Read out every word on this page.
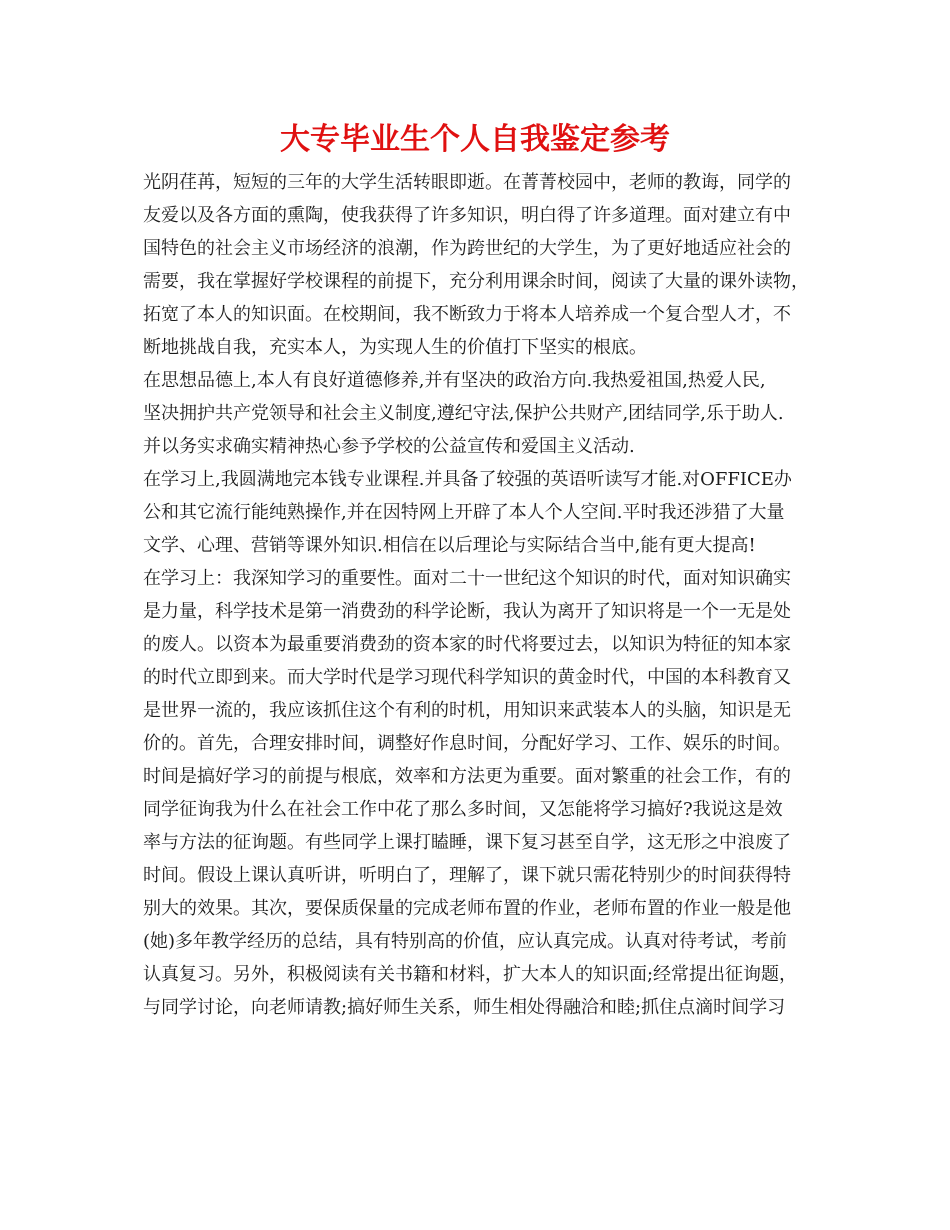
大专毕业生个人自我鉴定参考
光阴荏苒，短短的三年的大学生活转眼即逝。在菁菁校园中，老师的教诲，同学的
友爱以及各方面的熏陶，使我获得了许多知识，明白得了许多道理。面对建立有中
国特色的社会主义市场经济的浪潮，作为跨世纪的大学生，为了更好地适应社会的
需要，我在掌握好学校课程的前提下，充分利用课余时间，阅读了大量的课外读物，
拓宽了本人的知识面。在校期间，我不断致力于将本人培养成一个复合型人才，不
断地挑战自我，充实本人，为实现人生的价值打下坚实的根底。
在思想品德上,本人有良好道德修养,并有坚决的政治方向.我热爱祖国,热爱人民,
坚决拥护共产党领导和社会主义制度,遵纪守法,保护公共财产,团结同学,乐于助人.
并以务实求确实精神热心参予学校的公益宣传和爱国主义活动.
在学习上,我圆满地完本钱专业课程.并具备了较强的英语听读写才能.对OFFICE办
公和其它流行能纯熟操作,并在因特网上开辟了本人个人空间.平时我还涉猎了大量
文学、心理、营销等课外知识.相信在以后理论与实际结合当中,能有更大提高!
在学习上：我深知学习的重要性。面对二十一世纪这个知识的时代，面对知识确实
是力量，科学技术是第一消费劲的科学论断，我认为离开了知识将是一个一无是处
的废人。以资本为最重要消费劲的资本家的时代将要过去，以知识为特征的知本家
的时代立即到来。而大学时代是学习现代科学知识的黄金时代，中国的本科教育又
是世界一流的，我应该抓住这个有利的时机，用知识来武装本人的头脑，知识是无
价的。首先，合理安排时间，调整好作息时间，分配好学习、工作、娱乐的时间。
时间是搞好学习的前提与根底，效率和方法更为重要。面对繁重的社会工作，有的
同学征询我为什么在社会工作中花了那么多时间，又怎能将学习搞好?我说这是效
率与方法的征询题。有些同学上课打瞌睡，课下复习甚至自学，这无形之中浪废了
时间。假设上课认真听讲，听明白了，理解了，课下就只需花特别少的时间获得特
别大的效果。其次，要保质保量的完成老师布置的作业，老师布置的作业一般是他
(她)多年教学经历的总结，具有特别高的价值，应认真完成。认真对待考试，考前
认真复习。另外，积极阅读有关书籍和材料，扩大本人的知识面;经常提出征询题，
与同学讨论，向老师请教;搞好师生关系，师生相处得融洽和睦;抓住点滴时间学习
